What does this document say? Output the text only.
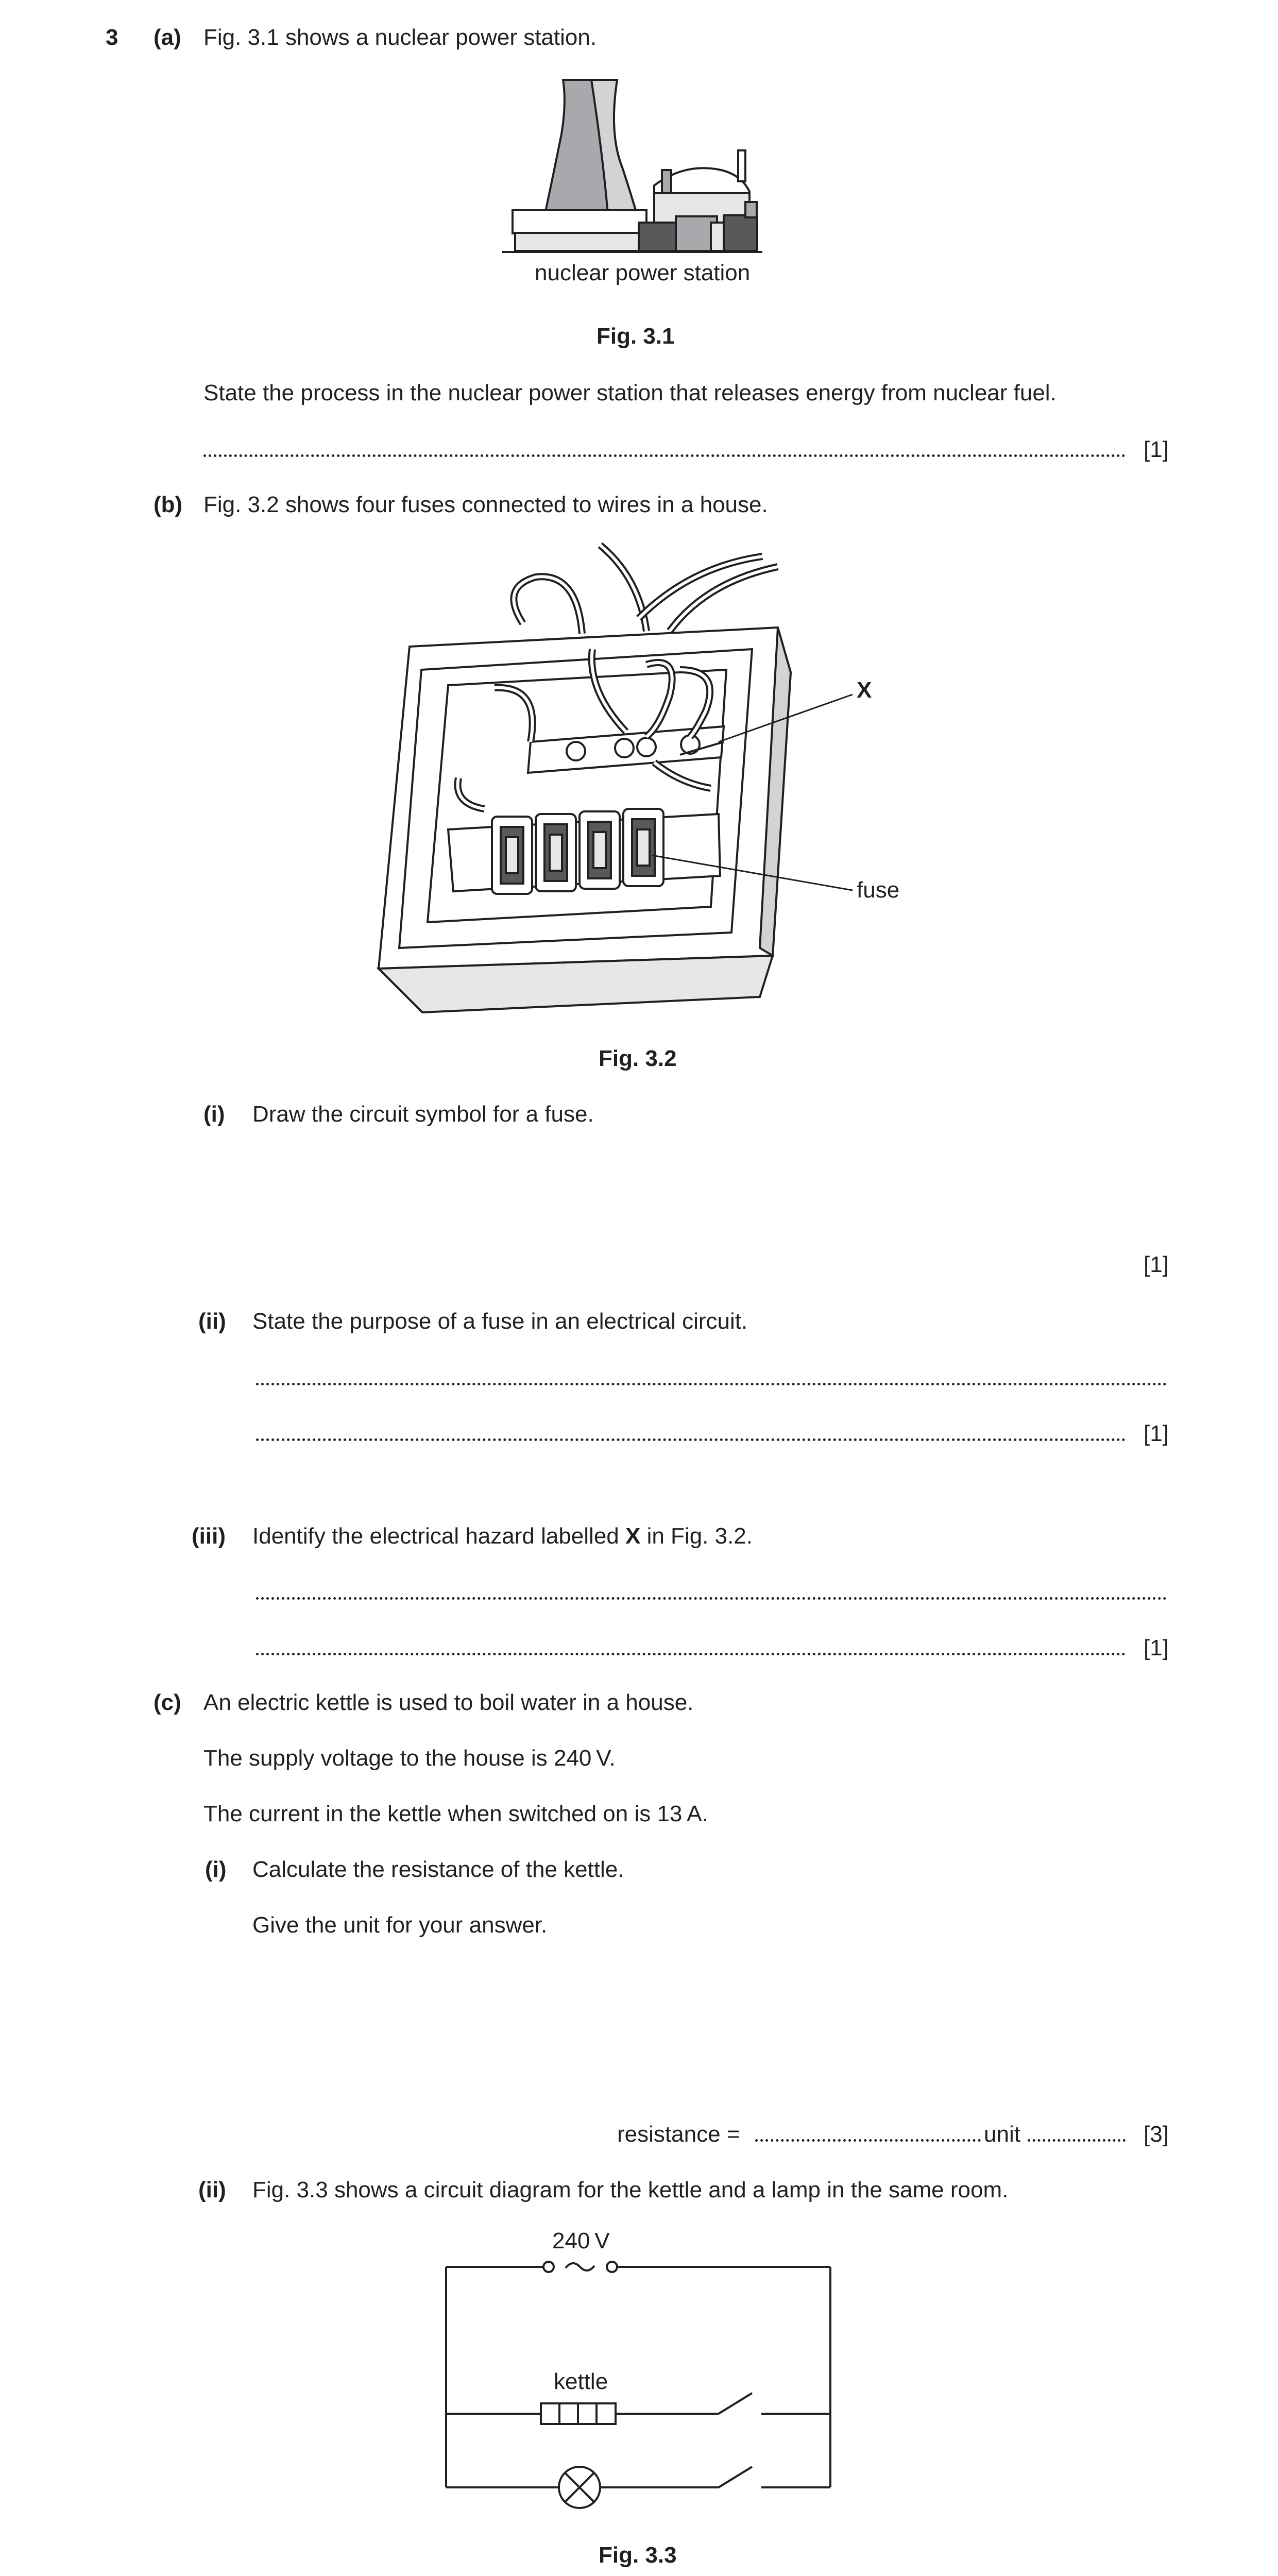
3 (a) Fig. 3.1 shows a nuclear power station.
nuclear power station
Fig. 3.1
State the process in the nuclear power station that releases energy from nuclear fuel.
[1]
(b) Fig. 3.2 shows four fuses connected to wires in a house.
X
fuse
Fig. 3.2
(i) Draw the circuit symbol for a fuse.
[1]
(ii) State the purpose of a fuse in an electrical circuit.
[1]
(iii) Identify the electrical hazard labelled X in Fig. 3.2.
[1]
(c) An electric kettle is used to boil water in a house.
The supply voltage to the house is 240 V.
The current in the kettle when switched on is 13 A.
(i) Calculate the resistance of the kettle.
Give the unit for your answer.
resistance =	unit	[3]
(ii) Fig. 3.3 shows a circuit diagram for the kettle and a lamp in the same room.
240 V
kettle
Fig. 3.3
